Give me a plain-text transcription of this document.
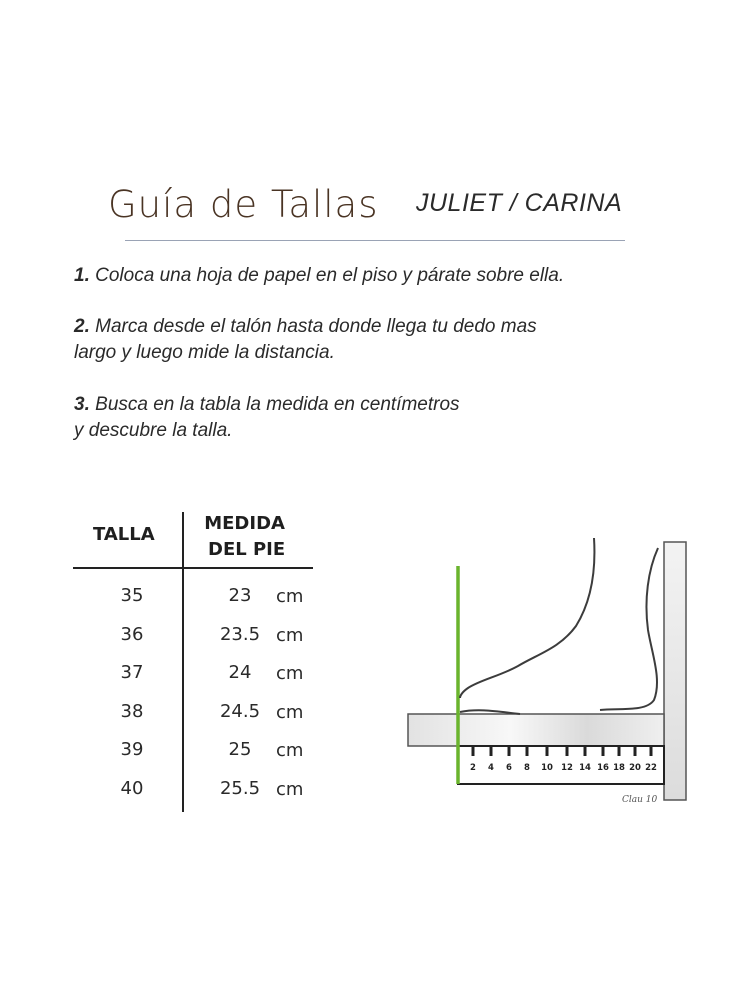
Guía de Tallas JULIET / CARINA
1. Coloca una hoja de papel en el piso y párate sobre ella.
2. Marca desde el talón hasta donde llega tu dedo mas
largo y luego mide la distancia.
3. Busca en la tabla la medida en centímetros
y descubre la talla.
TALLA
MEDIDA
DEL PIE
35	23	cm
36	23.5 cm
37	24	cm
38	24.5 cm
39	25	cm
40	25.5 cm
2 4 6 8 10 12 14 16 18 20 22
Clau 10
